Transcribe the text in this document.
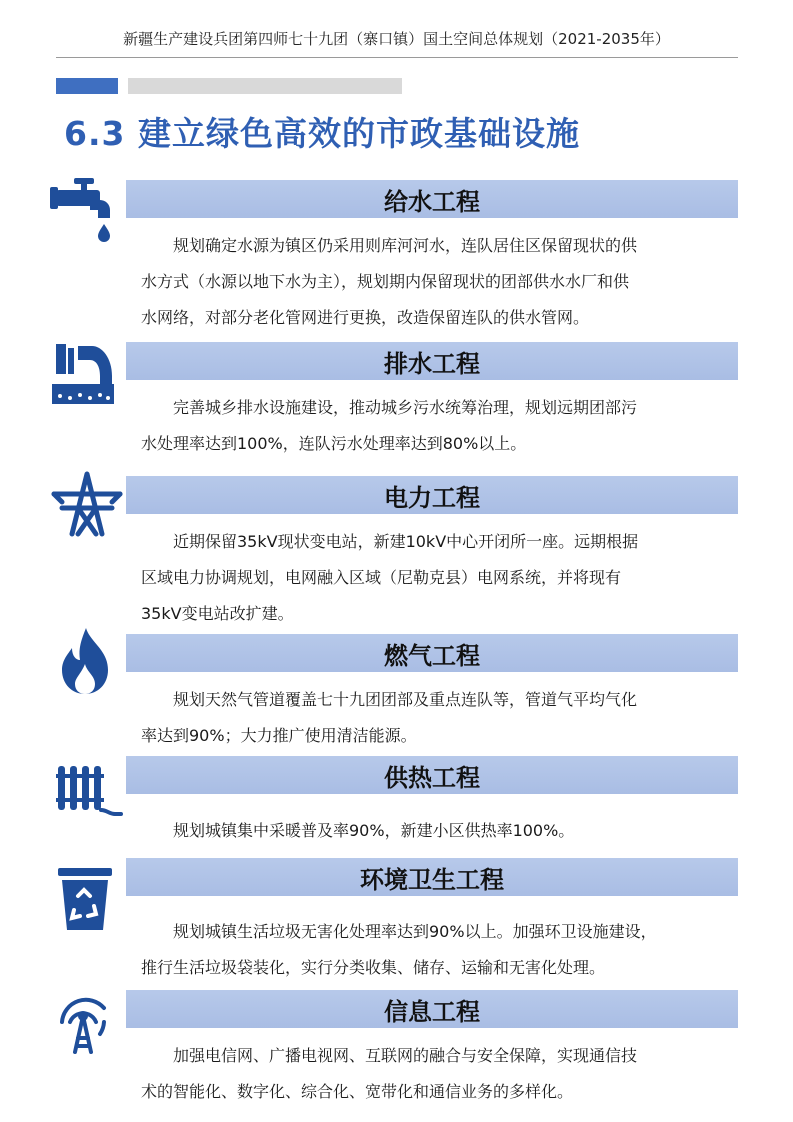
新疆生产建设兵团第四师七十九团（寨口镇）国土空间总体规划（2021-2035年）
6.3 建立绿色高效的市政基础设施
给水工程

　　规划确定水源为镇区仍采用则库河河水，连队居住区保留现状的供
水方式（水源以地下水为主），规划期内保留现状的团部供水水厂和供
水网络，对部分老化管网进行更换，改造保留连队的供水管网。

排水工程

　　完善城乡排水设施建设，推动城乡污水统筹治理，规划远期团部污
水处理率达到100%，连队污水处理率达到80%以上。

电力工程

　　近期保留35kV现状变电站，新建10kV中心开闭所一座。远期根据
区域电力协调规划，电网融入区域（尼勒克县）电网系统，并将现有
35kV变电站改扩建。

燃气工程

　　规划天然气管道覆盖七十九团团部及重点连队等，管道气平均气化
率达到90%；大力推广使用清洁能源。

供热工程

　　规划城镇集中采暖普及率90%，新建小区供热率100%。

环境卫生工程

　　规划城镇生活垃圾无害化处理率达到90%以上。加强环卫设施建设，
推行生活垃圾袋装化，实行分类收集、储存、运输和无害化处理。

信息工程

　　加强电信网、广播电视网、互联网的融合与安全保障，实现通信技
术的智能化、数字化、综合化、宽带化和通信业务的多样化。
